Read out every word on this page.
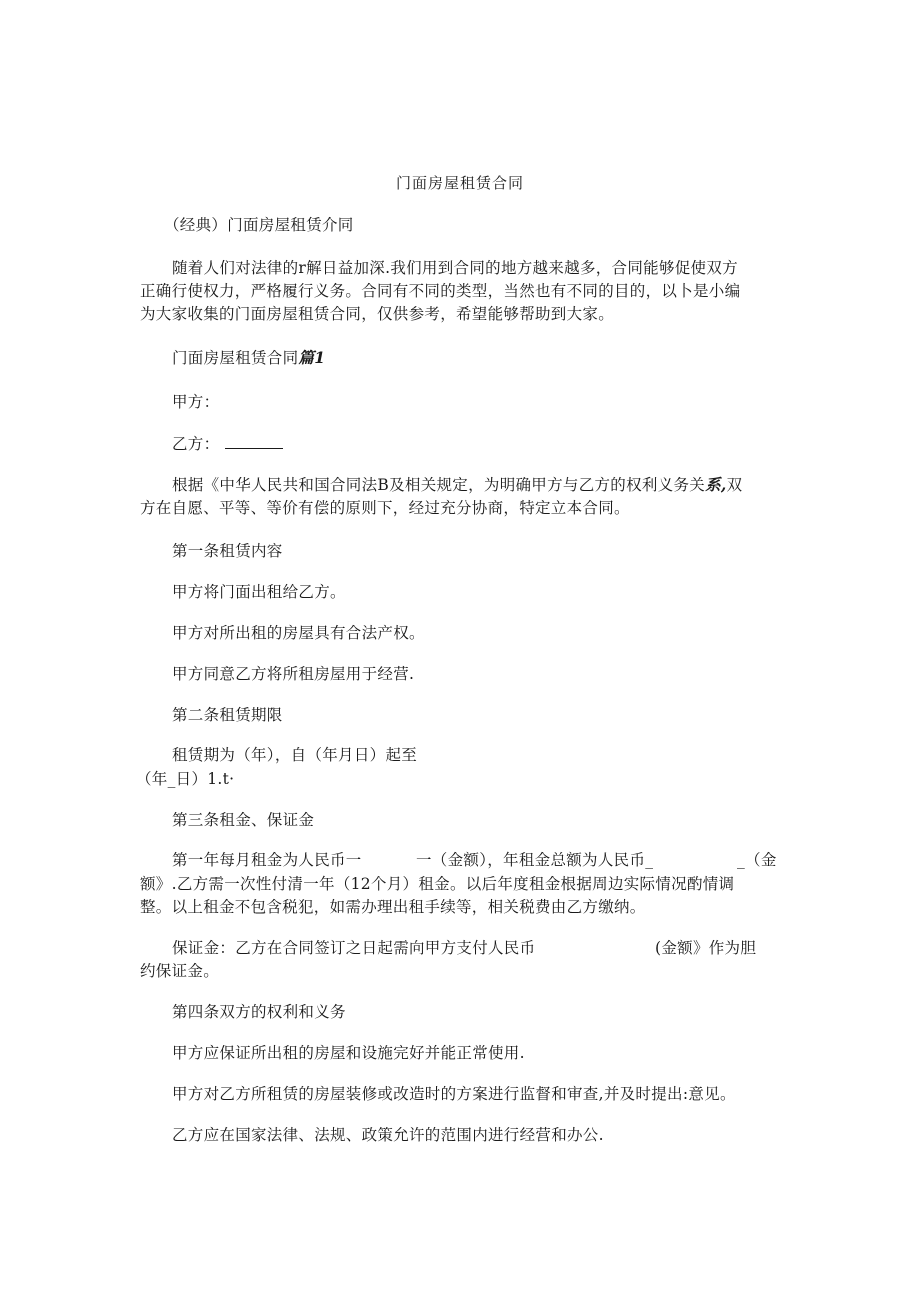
门面房屋租赁合同
（经典）门面房屋租赁介同
随着人们对法律的r解日益加深.我们用到合同的地方越来越多，合同能够促使双方
正确行使权力，严格履行义务。合同有不同的类型，当然也有不同的目的，以卜是小编
为大家收集的门面房屋租赁合同，仅供参考，希望能够帮助到大家。
门面房屋租赁合同篇1
甲方：
乙方：
根据《中华人民共和国合同法B及相关规定，为明确甲方与乙方的权利义务关系,双
方在自愿、平等、等价有偿的原则下，经过充分协商，特定立本合同。
第一条租赁内容
甲方将门面出租给乙方。
甲方对所出租的房屋具有合法产权。
甲方同意乙方将所租房屋用于经营.
第二条租赁期限
租赁期为（年），自（年月日）起至
（年_日）1.t·
第三条租金、保证金
第一年每月租金为人民币一	一（金额），年租金总额为人民币_	_（金
额》.乙方需一次性付清一年（12个月）租金。以后年度租金根据周边实际情况酌情调
整。以上租金不包含税犯，如需办理出租手续等，相关税费由乙方缴纳。
保证金：乙方在合同签订之日起需向甲方支付人民币	(金额》作为胆
约保证金。
第四条双方的权利和义务
甲方应保证所出租的房屋和设施完好并能正常使用.
甲方对乙方所租赁的房屋装修或改造时的方案进行监督和审查,并及时提出:意见。
乙方应在国家法律、法规、政策允许的范围内进行经营和办公.
